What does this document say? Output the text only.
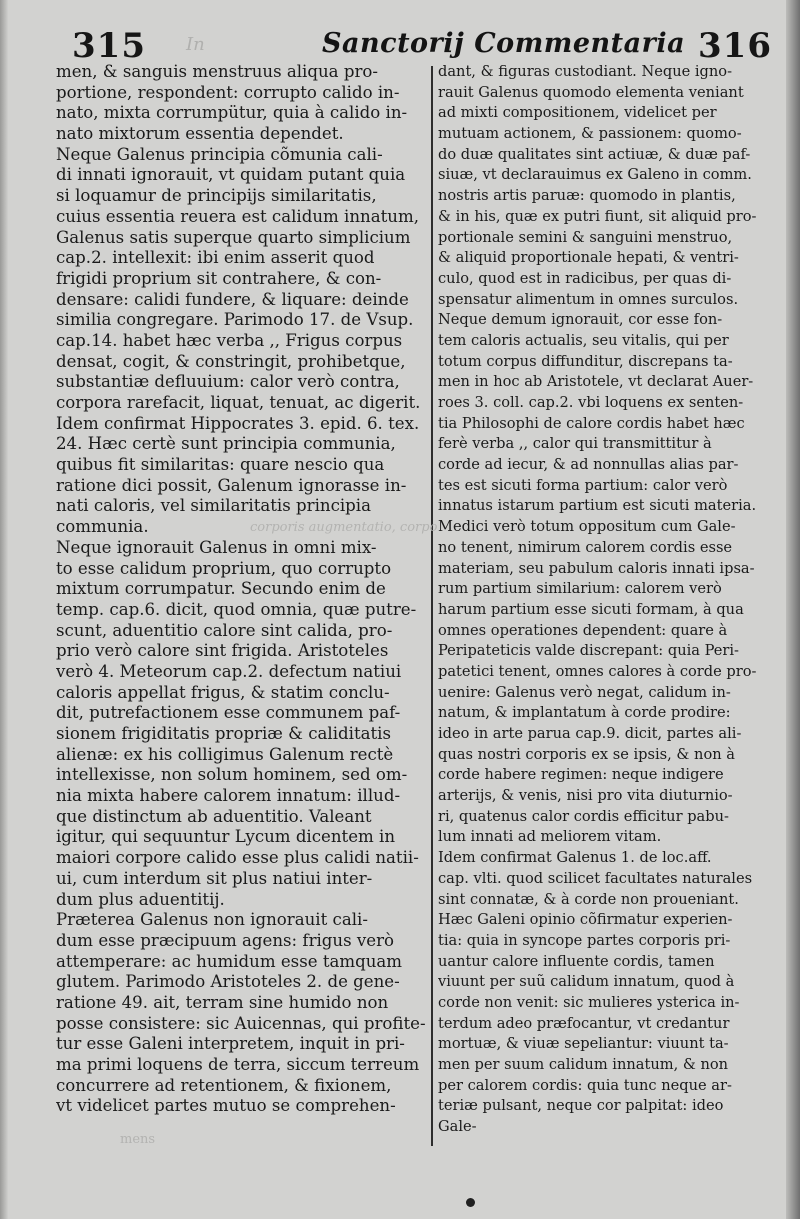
315 In	Sanctorij Commentaria 316
men, & sanguis menstruus aliqua pro-
portione, respondent: corrupto calido in-
nato, mixta corrumpütur, quia à calido in-
nato mixtorum essentia dependet.
Neque Galenus principia cõmunia cali-
di innati ignorauit, vt quidam putant quia
si loquamur de principijs similaritatis,
cuius essentia reuera est calidum innatum,
Galenus satis superque quarto simplicium
cap.2. intellexit: ibi enim asserit quod
frigidi proprium sit contrahere, & con-
densare: calidi fundere, & liquare: deinde
similia congregare. Parimodo 17. de Vsup.
cap.14. habet hæc verba ,, Frigus corpus
densat, cogit, & constringit, prohibetque,
substantiæ defluuium: calor verò contra,
corpora rarefacit, liquat, tenuat, ac digerit.
Idem confirmat Hippocrates 3. epid. 6. tex.
24. Hæc certè sunt principia communia,
quibus fit similaritas: quare nescio qua
ratione dici possit, Galenum ignorasse in-
nati caloris, vel similaritatis principia
communia.
Neque ignorauit Galenus in omni mix-
to esse calidum proprium, quo corrupto
mixtum corrumpatur. Secundo enim de
temp. cap.6. dicit, quod omnia, quæ putre-
scunt, aduentitio calore sint calida, pro-
prio verò calore sint frigida. Aristoteles
verò 4. Meteorum cap.2. defectum natiui
caloris appellat frigus, & statim conclu-
dit, putrefactionem esse communem paf-
sionem frigiditatis propriæ & caliditatis
alienæ: ex his colligimus Galenum rectè
intellexisse, non solum hominem, sed om-
nia mixta habere calorem innatum: illud-
que distinctum ab aduentitio. Valeant
igitur, qui sequuntur Lycum dicentem in
maiori corpore calido esse plus calidi natii-
ui, cum interdum sit plus natiui inter-
dum plus aduentitij.
Præterea Galenus non ignorauit cali-
dum esse præcipuum agens: frigus verò
attemperare: ac humidum esse tamquam
glutem. Parimodo Aristoteles 2. de gene-
ratione 49. ait, terram sine humido non
posse consistere: sic Auicennas, qui profite-
tur esse Galeni interpretem, inquit in pri-
ma primi loquens de terra, siccum terreum
concurrere ad retentionem, & fixionem,
vt videlicet partes mutuo se comprehen-
dant, & figuras custodiant. Neque igno-
rauit Galenus quomodo elementa veniant
ad mixti compositionem, videlicet per
mutuam actionem, & passionem: quomo-
do duæ qualitates sint actiuæ, & duæ paf-
siuæ, vt declarauimus ex Galeno in comm.
nostris artis paruæ: quomodo in plantis,
& in his, quæ ex putri fiunt, sit aliquid pro-
portionale semini & sanguini menstruo,
& aliquid proportionale hepati, & ventri-
culo, quod est in radicibus, per quas di-
spensatur alimentum in omnes surculos.
Neque demum ignorauit, cor esse fon-
tem caloris actualis, seu vitalis, qui per
totum corpus diffunditur, discrepans ta-
men in hoc ab Aristotele, vt declarat Auer-
roes 3. coll. cap.2. vbi loquens ex senten-
tia Philosophi de calore cordis habet hæc
ferè verba ,, calor qui transmittitur à
corde ad iecur, & ad nonnullas alias par-
tes est sicuti forma partium: calor verò
innatus istarum partium est sicuti materia.
Medici verò totum oppositum cum Gale-
no tenent, nimirum calorem cordis esse
materiam, seu pabulum caloris innati ipsa-
rum partium similarium: calorem verò
harum partium esse sicuti formam, à qua
omnes operationes dependent: quare à
Peripateticis valde discrepant: quia Peri-
patetici tenent, omnes calores à corde pro-
uenire: Galenus verò negat, calidum in-
natum, & implantatum à corde prodire:
ideo in arte parua cap.9. dicit, partes ali-
quas nostri corporis ex se ipsis, & non à
corde habere regimen: neque indigere
arterijs, & venis, nisi pro vita diuturnio-
ri, quatenus calor cordis efficitur pabu-
lum innati ad meliorem vitam.
Idem confirmat Galenus 1. de loc.aff.
cap. vlti. quod scilicet facultates naturales
sint connatæ, & à corde non proueniant.
Hæc Galeni opinio cõfirmatur experien-
tia: quia in syncope partes corporis pri-
uantur calore influente cordis, tamen
viuunt per suũ calidum innatum, quod à
corde non venit: sic mulieres ysterica in-
terdum adeo præfocantur, vt credantur
mortuæ, & viuæ sepeliantur: viuunt ta-
men per suum calidum innatum, & non
per calorem cordis: quia tunc neque ar-
teriæ pulsant, neque cor palpitat: ideo
Gale-
corporis augmentatio, corpo
mens
